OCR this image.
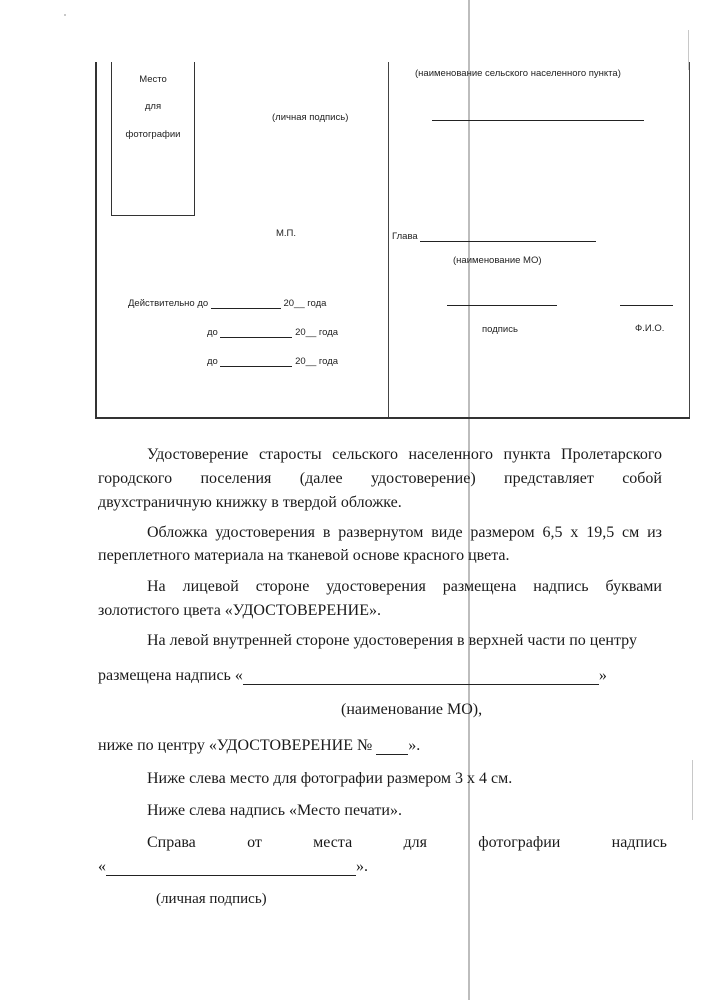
Место
для
фотографии
(личная подпись)
М.П.
Действительно до	20__ года
до	20__ года
до	20__ года
(наименование сельского населенного пункта)
Глава
(наименование МО)
подпись	Ф.И.О.
Удостоверение старосты сельского населенного пункта Пролетарского
городского поселения (далее удостоверение) представляет собой
двухстраничную книжку в твердой обложке.
Обложка удостоверения в развернутом виде размером 6,5 х 19,5 см из
переплетного материала на тканевой основе красного цвета.
На лицевой стороне удостоверения размещена надпись буквами
золотистого цвета «УДОСТОВЕРЕНИЕ».
На левой внутренней стороне удостоверения в верхней части по центру
размещена надпись «	»
(наименование МО),
ниже по центру «УДОСТОВЕРЕНИЕ № ».
Ниже слева место для фотографии размером 3 х 4 см.
Ниже слева надпись «Место печати».
Справа	от	места	для	фотографии	надпись
«	».
(личная подпись)
